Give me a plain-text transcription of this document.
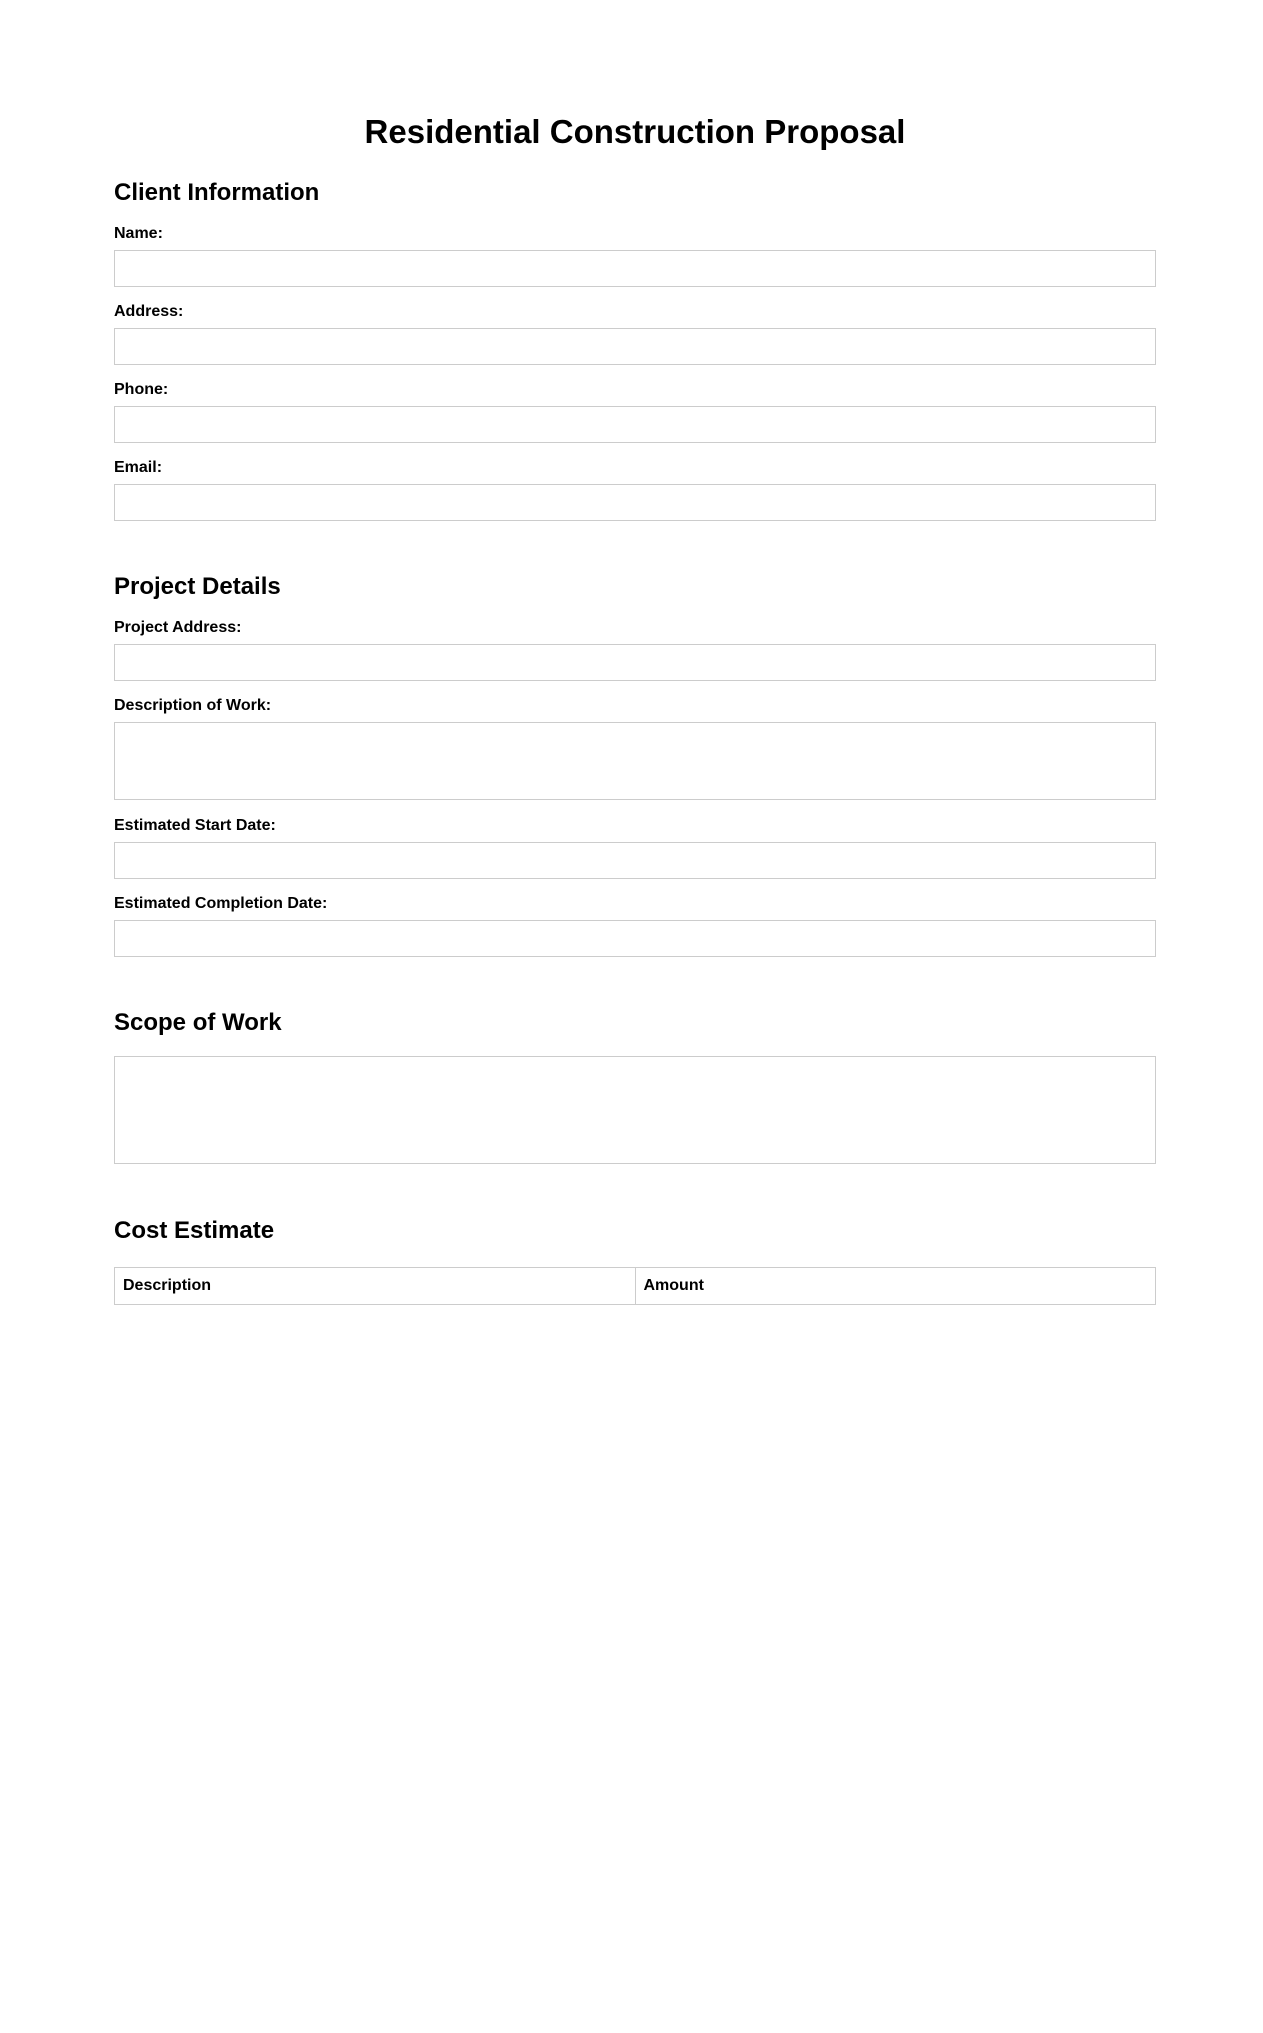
Residential Construction Proposal
Client Information
Name:
Address:
Phone:
Email:
Project Details
Project Address:
Description of Work:
Estimated Start Date:
Estimated Completion Date:
Scope of Work
Cost Estimate
Description	Amount
